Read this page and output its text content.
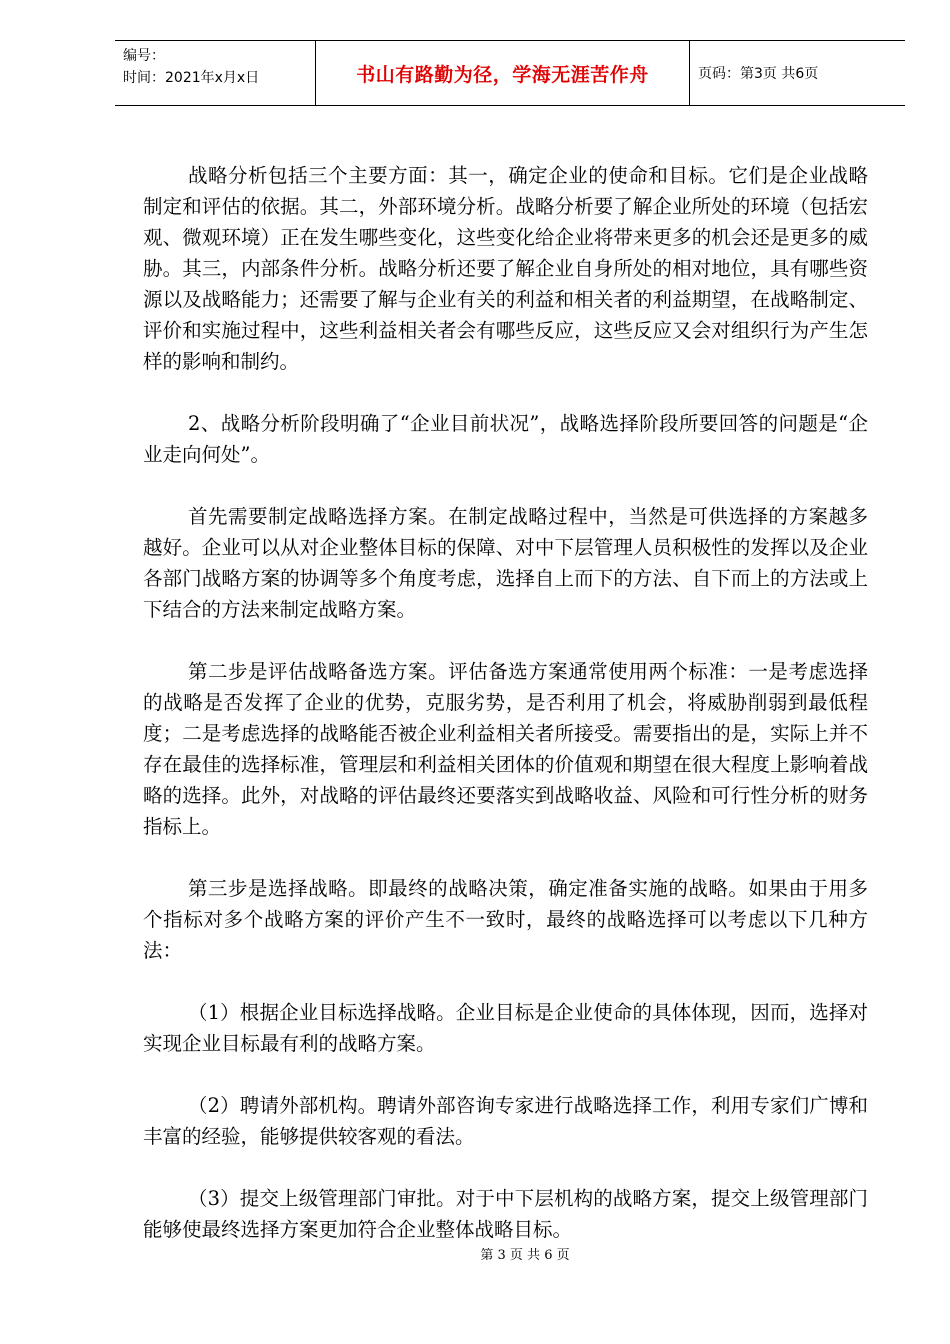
编号：
时间：2021年x月x日	书山有路勤为径，学海无涯苦作舟	页码：第3页 共6页

战略分析包括三个主要方面：其一，确定企业的使命和目标。它们是企业战略制定和评估的依据。其二，外部环境分析。战略分析要了解企业所处的环境（包括宏观、微观环境）正在发生哪些变化，这些变化给企业将带来更多的机会还是更多的威胁。其三，内部条件分析。战略分析还要了解企业自身所处的相对地位，具有哪些资源以及战略能力；还需要了解与企业有关的利益和相关者的利益期望，在战略制定、评价和实施过程中，这些利益相关者会有哪些反应，这些反应又会对组织行为产生怎样的影响和制约。

2、战略分析阶段明确了“企业目前状况”，战略选择阶段所要回答的问题是“企业走向何处”。

首先需要制定战略选择方案。在制定战略过程中，当然是可供选择的方案越多越好。企业可以从对企业整体目标的保障、对中下层管理人员积极性的发挥以及企业各部门战略方案的协调等多个角度考虑，选择自上而下的方法、自下而上的方法或上下结合的方法来制定战略方案。

第二步是评估战略备选方案。评估备选方案通常使用两个标准：一是考虑选择的战略是否发挥了企业的优势，克服劣势，是否利用了机会，将威胁削弱到最低程度；二是考虑选择的战略能否被企业利益相关者所接受。需要指出的是，实际上并不存在最佳的选择标准，管理层和利益相关团体的价值观和期望在很大程度上影响着战略的选择。此外，对战略的评估最终还要落实到战略收益、风险和可行性分析的财务指标上。

第三步是选择战略。即最终的战略决策，确定准备实施的战略。如果由于用多个指标对多个战略方案的评价产生不一致时，最终的战略选择可以考虑以下几种方法：

（1）根据企业目标选择战略。企业目标是企业使命的具体体现，因而，选择对实现企业目标最有利的战略方案。

（2）聘请外部机构。聘请外部咨询专家进行战略选择工作，利用专家们广博和丰富的经验，能够提供较客观的看法。

（3）提交上级管理部门审批。对于中下层机构的战略方案，提交上级管理部门能够使最终选择方案更加符合企业整体战略目标。

第 3 页 共 6 页
